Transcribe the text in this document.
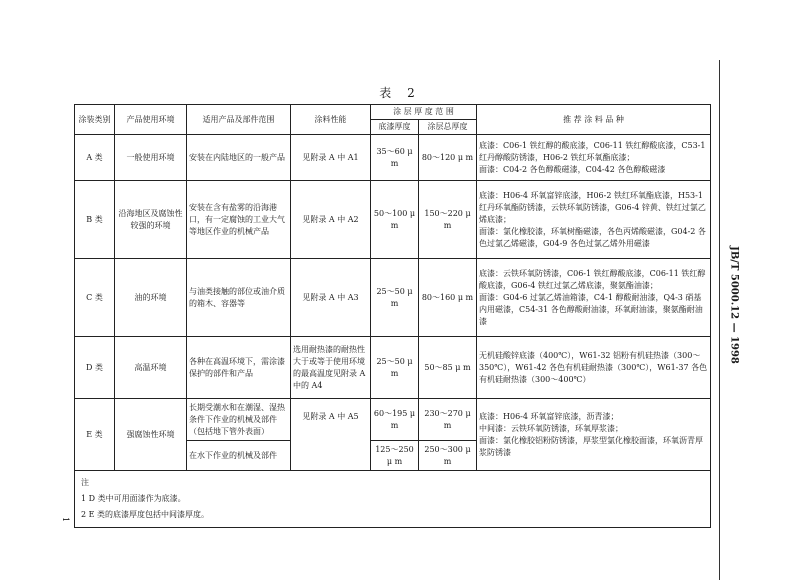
表 2
JB/T 5000.12 — 1998
1
涂装类别	产品使用环境	适用产品及部件范围	涂料性能	涂 层 厚 度 范 围		推 荐 涂 料 品 种
				底漆厚度	涂层总厚度	
A 类	一般使用环境	安装在内陆地区的一般产品	见附录 A 中 A1	35～60 μ m	80～120 μ m	底漆：C06-1 铁红醇的酸底漆，C06-11 铁红醇酸底漆，C53-1 红丹醇酸防锈漆，H06-2 铁红环氧酯底漆；
面漆：C04-2 各色醇酸磁漆，C04-42 各色醇酸磁漆

B 类	沿海地区及腐蚀性较强的环境	安装在含有盐雾的沿海港口，有一定腐蚀的工业大气等地区作业的机械产品	见附录 A 中 A2	50～100 μ m	150～220 μ m	底漆：H06-4 环氧富锌底漆，H06-2 铁红环氧酯底漆，H53-1 红丹环氧酯防锈漆，云铁环氧防锈漆，G06-4 锌黄、铁红过氯乙烯底漆；
面漆：氯化橡胶漆，环氧树酯磁漆，各色丙烯酸磁漆，G04-2 各色过氯乙烯磁漆，G04-9 各色过氯乙烯外用磁漆

C 类	油的环境	与油类接触的部位或油介质的箱木、容器等	见附录 A 中 A3	25～50 μ m	80～160 μ m	底漆：云铁环氧防锈漆，C06-1 铁红醇酸底漆，C06-11 铁红醇酸底漆，G06-4 铁红过氯乙烯底漆，聚氨酯油漆；
面漆：G04-6 过氯乙烯油箱漆，C4-1 醇酸耐油漆，Q4-3 硝基内用磁漆，C54-31 各色醇酸耐油漆，环氧耐油漆，聚氨酯耐油漆

D 类	高温环境	各种在高温环境下，需涂漆保护的部件和产品	选用耐热漆的耐热性大于或等于使用环境的最高温度见附录 A 中的 A4	25～50 μ m	50～85 μ m	无机硅酸锌底漆（400℃），W61-32 铝粉有机硅热漆（300～350℃），W61-42 各色有机硅耐热漆（300℃），W61-37 各色有机硅耐热漆（300～400℃）

E 类	强腐蚀性环境	长期受潮水和在潮湿、湿热条件下作业的机械及部件（包括地下管外表面）	见附录 A 中 A5	60～195 μ m	230～270 μ m	底漆：H06-4 环氧富锌底漆，沥青漆；
中间漆：云铁环氧防锈漆，环氧厚浆漆；
面漆：氯化橡胶铝粉防锈漆，厚浆型氯化橡胶面漆，环氧沥青厚浆防锈漆

		在水下作业的机械及部件		125～250 μ m	250～300 μ m	

注
1 D 类中可用面漆作为底漆。
2 E 类的底漆厚度包括中间漆厚度。						
